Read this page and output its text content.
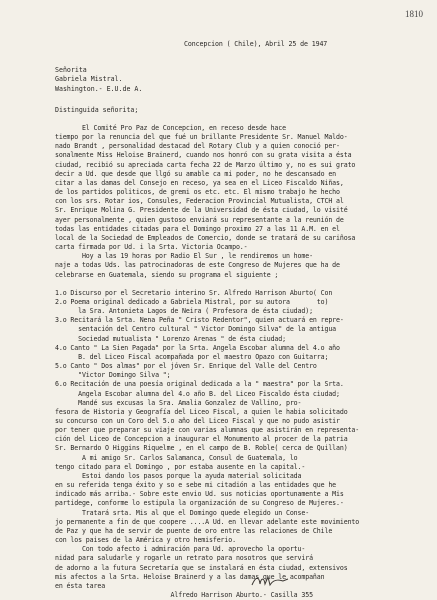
1810
Concepcion ( Chile), Abril 25 de 1947
Señorita
Gabriela Mistral.
Washington.- E.U.de A.
Distinguida señorita;
El Comité Pro Paz de Concepcion, en receso desde hace
tiempo por la renuncia del que fué un brillante Presidente Sr. Manuel Maldo-
nado Brandt , personalidad destacad del Rotary Club y a quien conoció per-
sonalmente Miss Heloise Brainerd, cuando nos honró con su grata visita a ésta
ciudad, recibió su apreciada carta fecha 22 de Marzo último y, no es sui grato
decir a Ud. que desde que llgó su amable ca mi poder, no he descansado en
citar a las damas del Consejo en receso, ya sea en el Liceo Fiscaldo Niñas,
de los partidos politicos, de gremi os etc. etc. El mismo trabajo he hecho
con los srs. Rotar ios, Consules, Federacion Provincial Mutualista, CTCH al
Sr. Enrique Molina G. Presidente de la Universidad de ésta ciudad, lo visité
ayer personalmente , quien gustoso enviará su representante a la reunión de
todas las entidades citadas para el Domingo proximo 27 a las 11 A.M. en el
local de la Sociedad de Empleados de Comercio, donde se tratará de su cariñosa
carta firmada por Ud. i la Srta. Victoria Ocampo.-
Hoy a las 19 horas por Radio El Sur , le rendiremos un home-
naje a todas Uds. las patrocinadoras de este Congreso de Mujeres que ha de
celebrarse en Guatemala, siendo su programa el siguiente ;

1.o Discurso por el Secretario interino Sr. Alfredo Harrison Aburto( Con
2.o Poema original dedicado a Gabriela Mistral, por su autora       to)
la Sra. Antonieta Lagos de Neira ( Profesora de ésta ciudad);
3.o Recitará la Srta. Nena Peña " Cristo Redentor", quien actuará en repre-
sentación del Centro cultural " Victor Domingo Silva" de la antigua
Sociedad mutualista " Lorenzo Arenas " de ésta ciudad;
4.o Canto " La Sien Pagada" por la Srta. Angela Escobar alumna del 4.o año
B. del Liceo Fiscal acompañada por el maestro Opazo con Guitarra;
5.o Canto " Dos almas" por el jóven Sr. Enrique del Valle del Centro
"Victor Domingo Silva ";
6.o Recitación de una poesía original dedicada a la " maestra" por la Srta.
Angela Escobar alumna del 4.o año B. del Liceo Fiscaldo ésta ciudad;
Mandé sus excusas la Sra. Amalia Gonzalez de Vallino, pro-
fesora de Historia y Geografía del Liceo Fiscal, a quien le habia solicitado
su concurso con un Coro del 5.o año del Liceo Fiscal y que no pudo asistir
por tener que preparar su viaje con varias alumnas que asistirán en representa-
ción del Liceo de Concepcion a inaugurar el Monumento al procer de la patria
Sr. Bernardo O Higgins Riquelme , en el campo de B. Roble( cerca de Quillan)
A mi amigo Sr. Carlos Salamanca, Consul de Guatemala, lo
tengo citado para el Domingo , por estaba ausente en la capital.-
Estoi dando los pasos porque la ayuda material solicitada
en su referida tenga éxito y so e sebe mi citadión a las entidades que he
indicado más arriba.- Sobre este envio Ud. sus noticias oportunamente a Mis
partidege, conforme lo estipula la organización de su Congreso de Mujeres.-
Tratará srta. Mis al que el Domingo quede elegido un Conse-
jo permanente a fin de que coopere ....A Ud. en llevar adelante este movimiento
de Paz y que ha de servir de puente de oro entre las relaciones de Chile
con los paises de la América y otro hemisferio.
Con todo afecto i admiración para Ud. aprovecho la oportu-
nidad para saludarle y rogarle un retrato para nosotros que servirá
de adorno a la futura Secretaría que se instalará en ésta ciudad, extensivos
mis afectos a la Srta. Heloise Brainerd y a las damas que le acompañan
en ésta tarea
Alfredo Harrison Aburto.- Casilla 355
